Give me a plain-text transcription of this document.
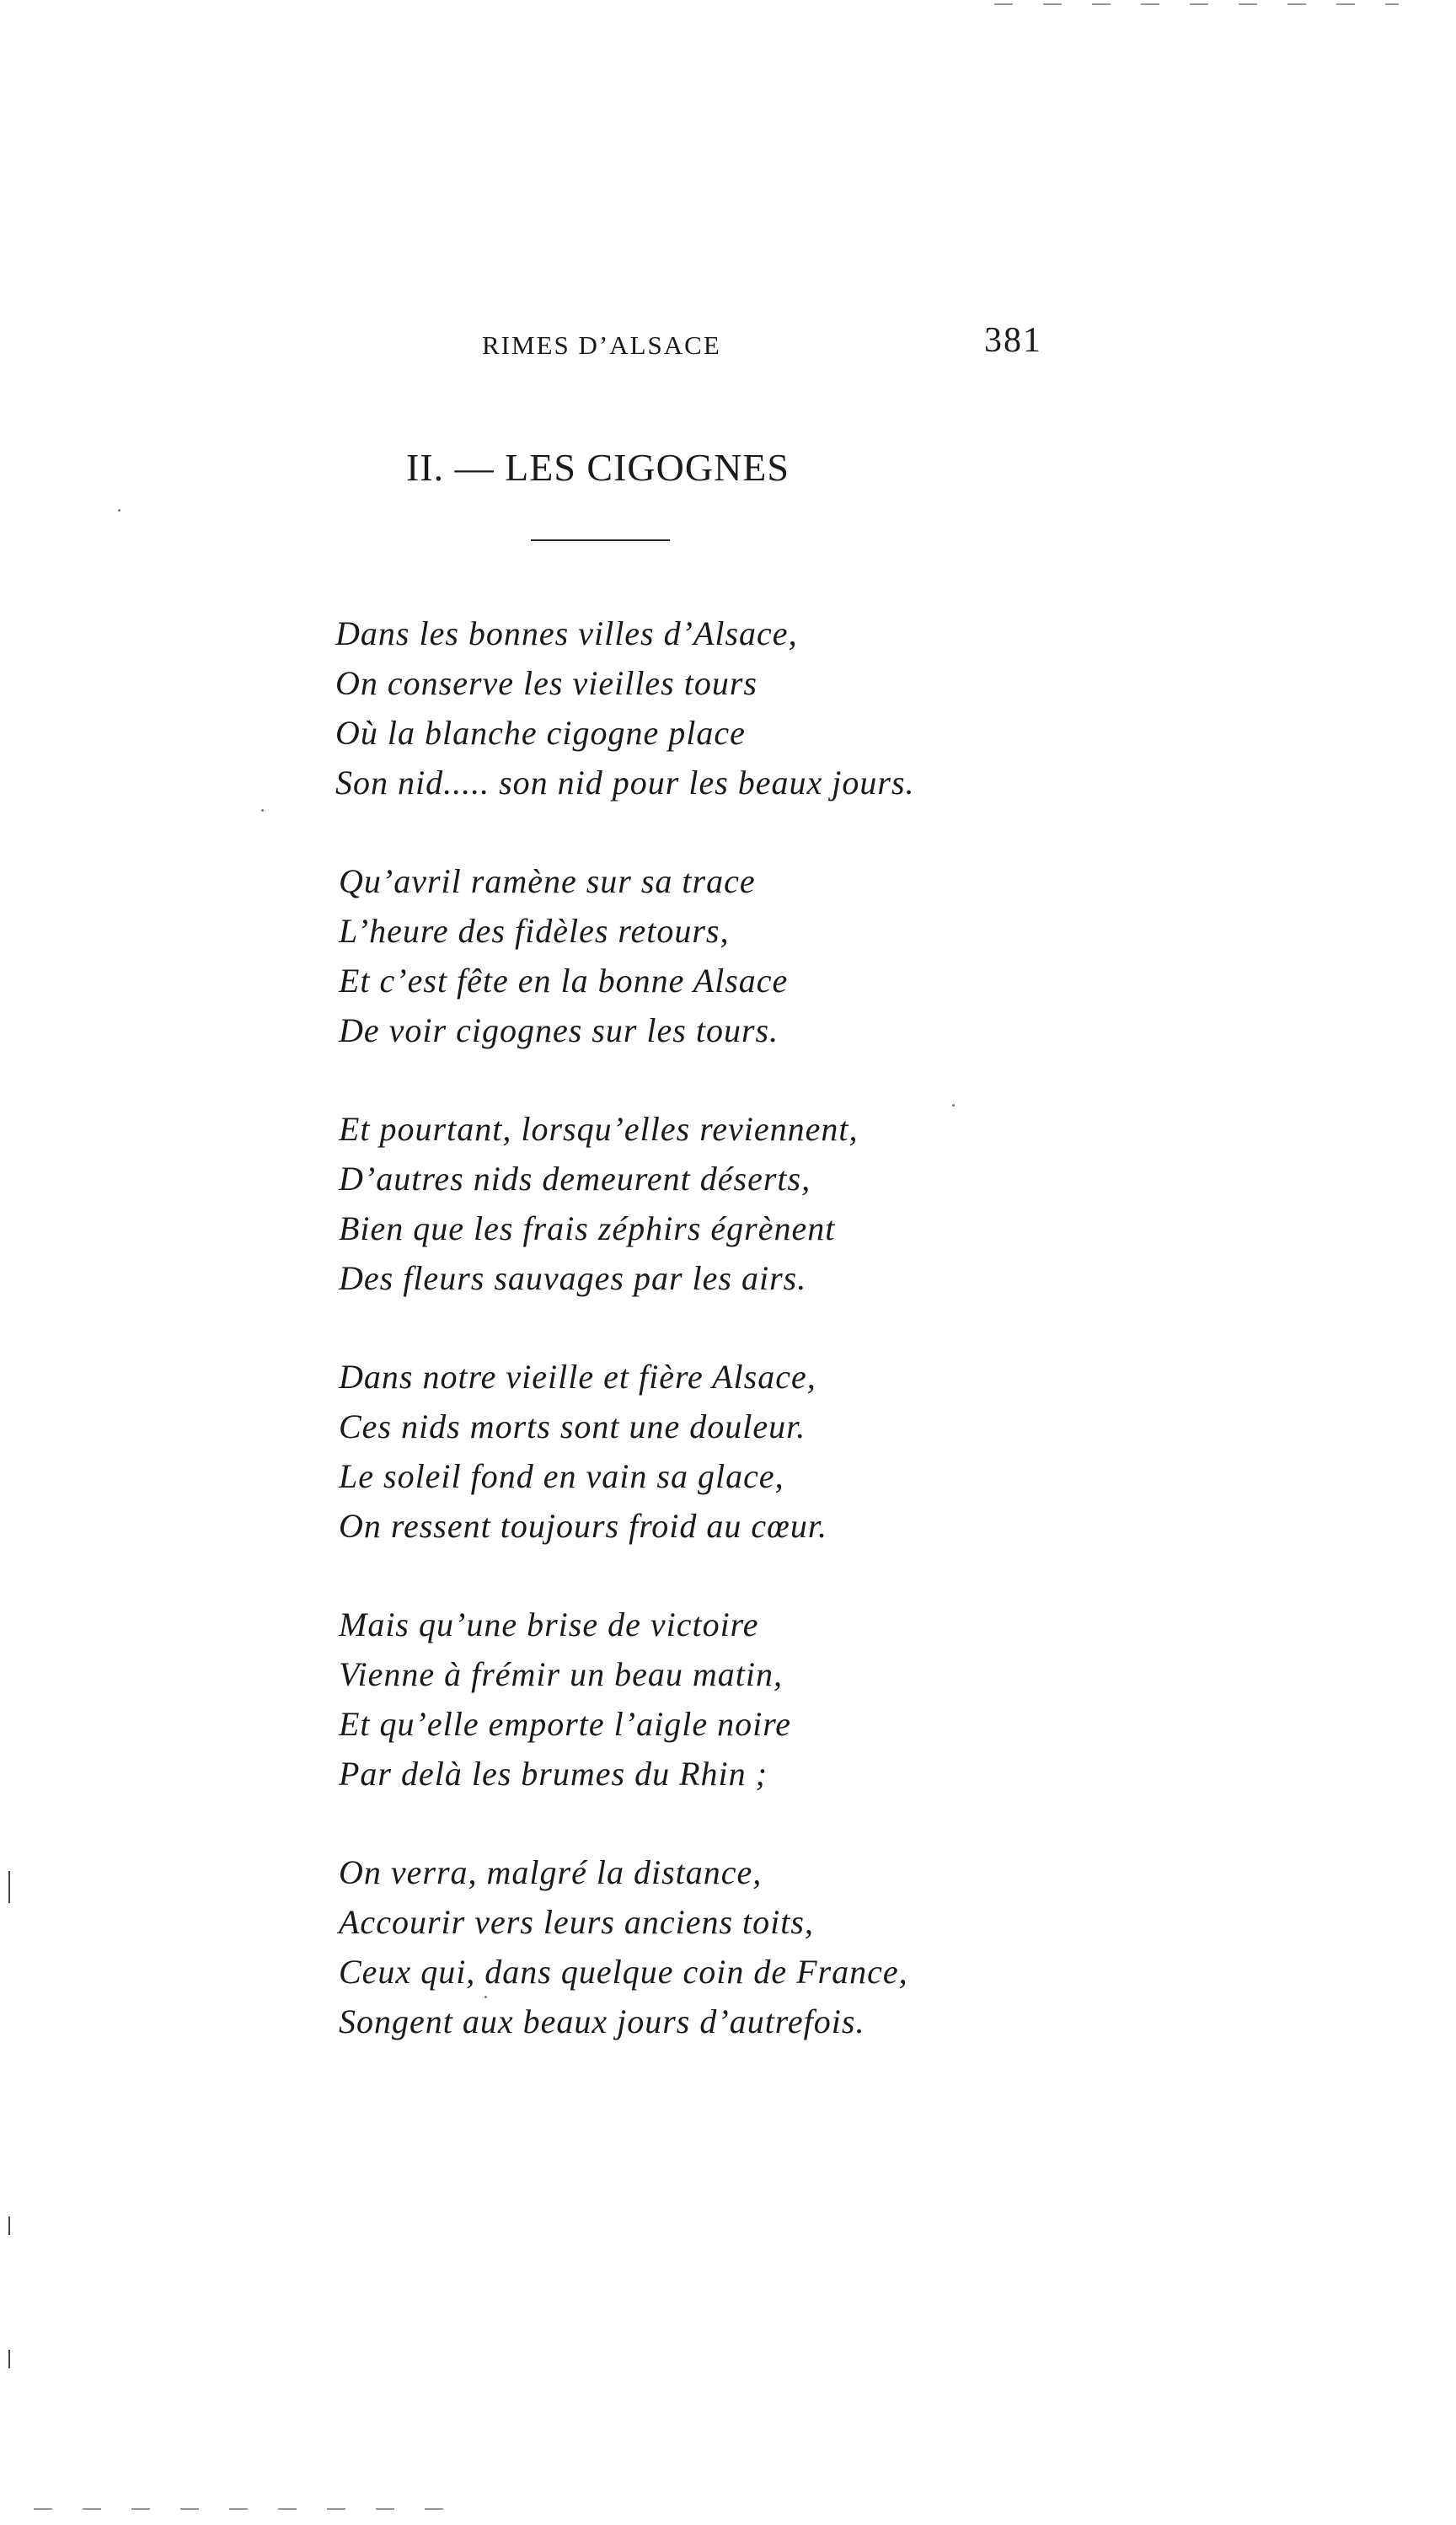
RIMES D’ALSACE	381
II. — LES CIGOGNES
Dans les bonnes villes d’Alsace,
On conserve les vieilles tours
Où la blanche cigogne place
Son nid..... son nid pour les beaux jours.
Qu’avril ramène sur sa trace
L’heure des fidèles retours,
Et c’est fête en la bonne Alsace
De voir cigognes sur les tours.
Et pourtant, lorsqu’elles reviennent,
D’autres nids demeurent déserts,
Bien que les frais zéphirs égrènent
Des fleurs sauvages par les airs.
Dans notre vieille et fière Alsace,
Ces nids morts sont une douleur.
Le soleil fond en vain sa glace,
On ressent toujours froid au cœur.
Mais qu’une brise de victoire
Vienne à frémir un beau matin,
Et qu’elle emporte l’aigle noire
Par delà les brumes du Rhin ;
On verra, malgré la distance,
Accourir vers leurs anciens toits,
Ceux qui, dans quelque coin de France,
Songent aux beaux jours d’autrefois.
